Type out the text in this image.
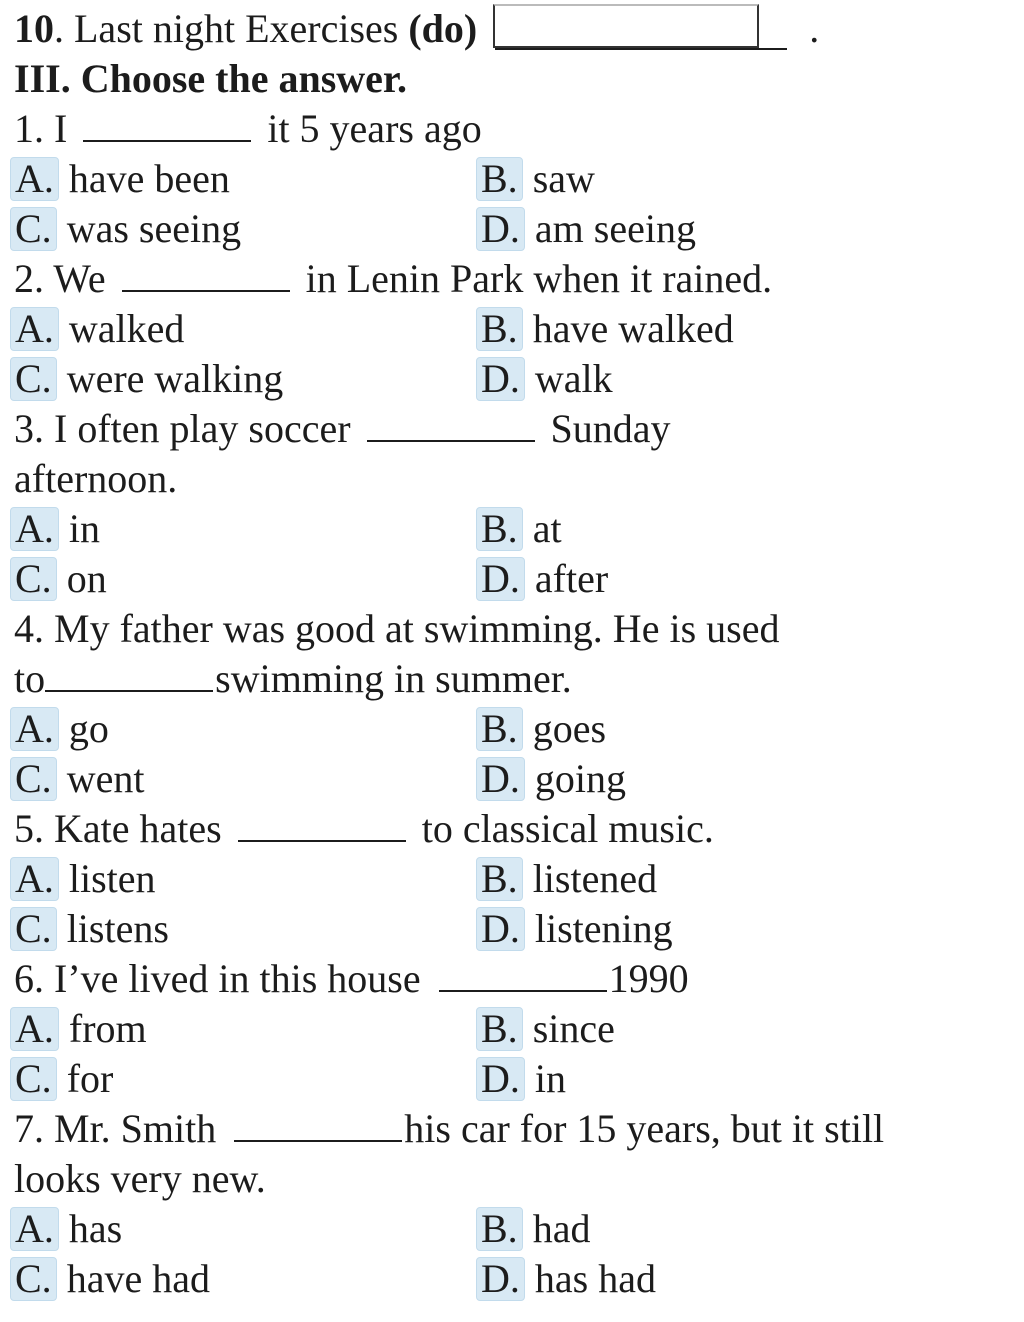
10. Last night Exercises (do)	.
III. Choose the answer.
1. I	it 5 years ago
A. have been	B. saw
C. was seeing	D. am seeing
2. We	in Lenin Park when it rained.
A. walked	B. have walked
C. were walking	D. walk
3. I often play soccer	Sunday
afternoon.
A. in	B. at
C. on	D. after
4. My father was good at swimming. He is used
to	swimming in summer.
A. go	B. goes
C. went	D. going
5. Kate hates	to classical music.
A. listen	B. listened
C. listens	D. listening
6. I’ve lived in this house	1990
A. from	B. since
C. for	D. in
7. Mr. Smith	his car for 15 years, but it still
looks very new.
A. has	B. had
C. have had	D. has had
